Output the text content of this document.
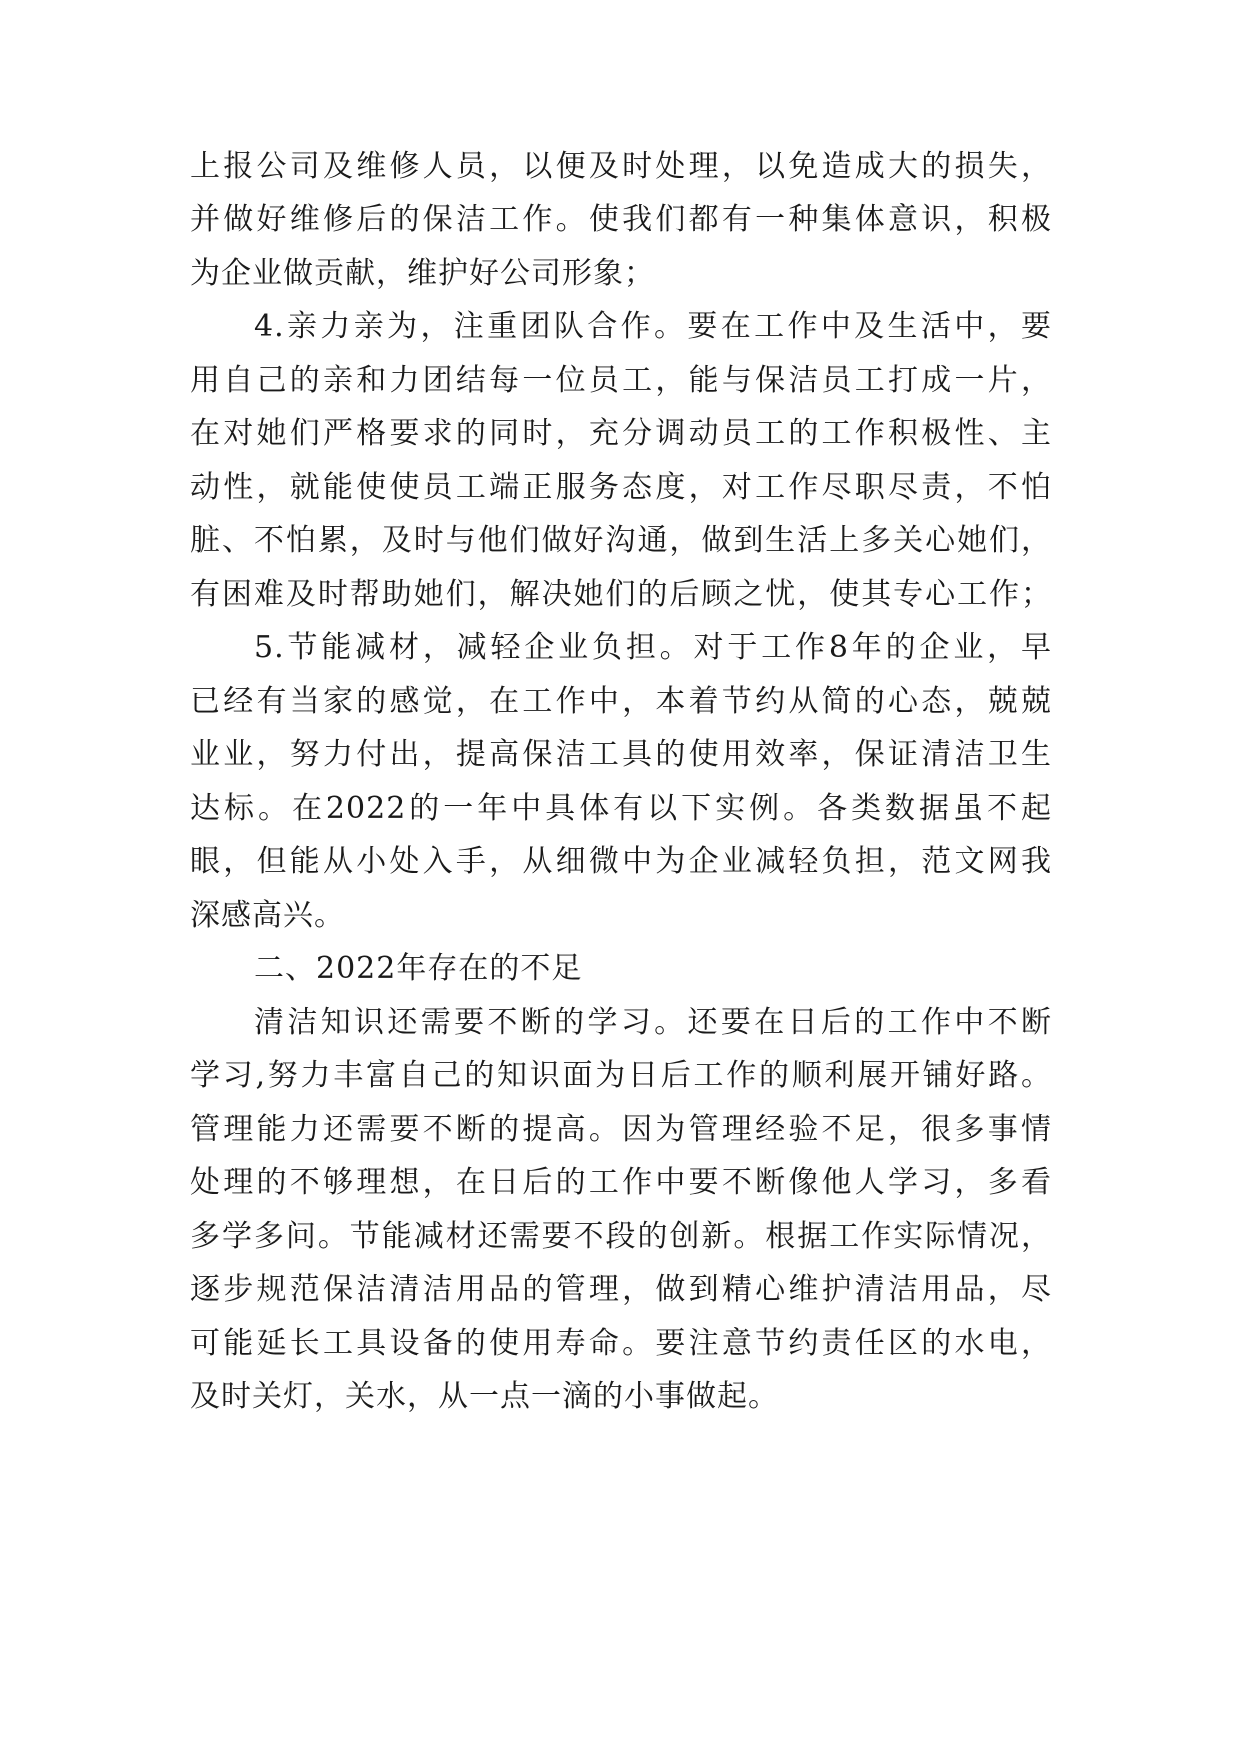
上报公司及维修人员，以便及时处理，以免造成大的损失，
并做好维修后的保洁工作。使我们都有一种集体意识，积极
为企业做贡献，维护好公司形象；
4.亲力亲为，注重团队合作。要在工作中及生活中，要
用自己的亲和力团结每一位员工，能与保洁员工打成一片，
在对她们严格要求的同时，充分调动员工的工作积极性、主
动性，就能使使员工端正服务态度，对工作尽职尽责，不怕
脏、不怕累，及时与他们做好沟通，做到生活上多关心她们，
有困难及时帮助她们，解决她们的后顾之忧，使其专心工作；
5.节能减材，减轻企业负担。对于工作8年的企业，早
已经有当家的感觉，在工作中，本着节约从简的心态，兢兢
业业，努力付出，提高保洁工具的使用效率，保证清洁卫生
达标。在2022的一年中具体有以下实例。各类数据虽不起
眼，但能从小处入手，从细微中为企业减轻负担，范文网我
深感高兴。
二、2022年存在的不足
清洁知识还需要不断的学习。还要在日后的工作中不断
学习,努力丰富自己的知识面为日后工作的顺利展开铺好路。
管理能力还需要不断的提高。因为管理经验不足，很多事情
处理的不够理想，在日后的工作中要不断像他人学习，多看
多学多问。节能减材还需要不段的创新。根据工作实际情况，
逐步规范保洁清洁用品的管理，做到精心维护清洁用品，尽
可能延长工具设备的使用寿命。要注意节约责任区的水电，
及时关灯，关水，从一点一滴的小事做起。
